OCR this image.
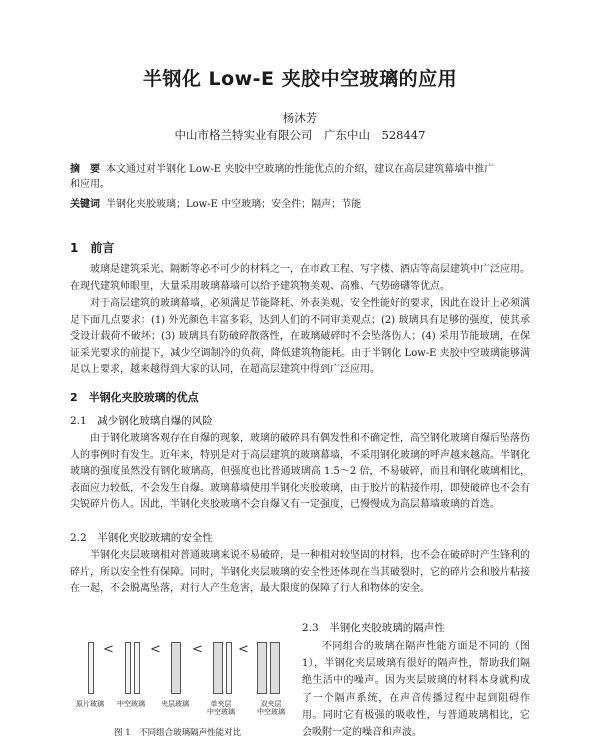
半钢化 Low-E 夹胶中空玻璃的应用
杨沐芳
中山市格兰特实业有限公司　广东中山　528447
摘　要 本文通过对半钢化 Low-E 夹胶中空玻璃的性能优点的介绍，建议在高层建筑幕墙中推广
和应用。
关键词 半钢化夹胶玻璃；Low-E 中空玻璃；安全件；隔声；节能
1　前言
玻璃是建筑采光、隔断等必不可少的材料之一，在市政工程、写字楼、酒店等高层建筑中广泛应用。在现代建筑师眼里，大量采用玻璃幕墙可以给予建筑物美观、高雅、气势磅礴等优点。
对于高层建筑的玻璃幕墙，必须满足节能降耗、外表美观、安全性能好的要求，因此在设计上必须满足下面几点要求：(1) 外光颜色丰富多彩，达到人们的不同审美观点；(2) 玻璃具有足够的强度，使其承受设计载荷不破坏；(3) 玻璃具有防破碎散落性，在玻璃破碎时不会坠落伤人；(4) 采用节能玻璃，在保证采光要求的前提下，减少空调制冷的负荷，降低建筑物能耗。由于半钢化 Low-E 夹胶中空玻璃能够满足以上要求，越来越得到大家的认同，在超高层建筑中得到广泛应用。
2　半钢化夹胶玻璃的优点
2.1　减少钢化玻璃自爆的风险
由于钢化玻璃客观存在自爆的现象，玻璃的破碎具有偶发性和不确定性，高空钢化玻璃自爆后坠落伤人的事例时有发生。近年来，特别是对于高层建筑的玻璃幕墙，不采用钢化玻璃的呼声越来越高。半钢化玻璃的强度虽然没有钢化玻璃高，但强度也比普通玻璃高 1.5～2 倍，不易破碎，而且和钢化玻璃相比，表面应力较低，不会发生自爆。玻璃幕墙使用半钢化夹胶玻璃，由于胶片的粘接作用，即使破碎也不会有尖锐碎片伤人。因此，半钢化夹胶玻璃不会自爆又有一定强度，已慢慢成为高层幕墙玻璃的首选。
2.2　半钢化夹胶玻璃的安全性
半钢化夹层玻璃相对普通玻璃来说不易破碎，是一种相对较坚固的材料，也不会在破碎时产生锋利的碎片，所以安全性有保障。同时，半钢化夹层玻璃的安全性还体现在当其破裂时，它的碎片会和胶片粘接在一起，不会脱离坠落，对行人产生危害，最大限度的保障了行人和物体的安全。
2.3　半钢化夹胶玻璃的隔声性
不同组合的玻璃在隔声性能方面是不同的（图 1），半钢化夹层玻璃有很好的隔声性，帮助我们隔绝生活中的噪声。因为夹层玻璃的材料本身就构成了一个隔声系统，在声音传播过程中起到阻碍作用。同时它有极强的吸收性，与普通玻璃相比，它会吸附一定的噪音和声波。
<	< <	<
原片玻璃	中空玻璃	夹层玻璃	单夹层
中空玻璃
双夹层
中空玻璃
图 1　不同组合玻璃隔声性能对比
